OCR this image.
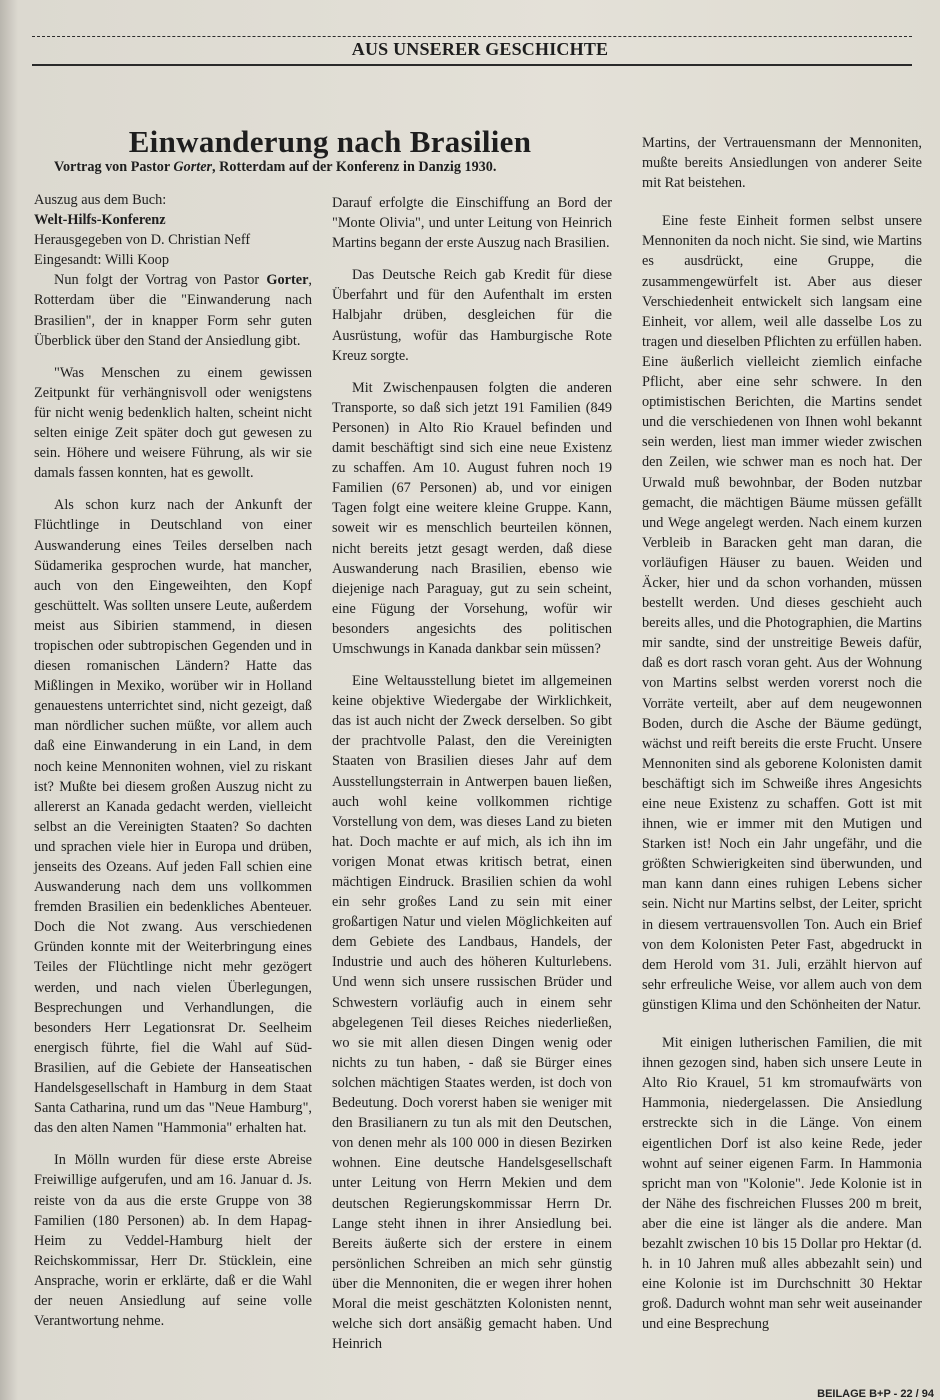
AUS UNSERER GESCHICHTE
Einwanderung nach Brasilien
Vortrag von Pastor Gorter, Rotterdam auf der Konferenz in Danzig 1930.

Auszug aus dem Buch:

Welt-Hilfs-Konferenz

Herausgegeben von D. Christian Neff

Eingesandt: Willi Koop

Nun folgt der Vortrag von Pastor Gorter, Rotterdam über die "Einwanderung nach Brasilien", der in knapper Form sehr guten Überblick über den Stand der Ansiedlung gibt.

"Was Menschen zu einem gewissen Zeitpunkt für verhängnisvoll oder wenigstens für nicht wenig bedenklich halten, scheint nicht selten einige Zeit später doch gut gewesen zu sein. Höhere und weisere Führung, als wir sie damals fassen konnten, hat es gewollt.

Als schon kurz nach der Ankunft der Flüchtlinge in Deutschland von einer Auswanderung eines Teiles derselben nach Südamerika gesprochen wurde, hat mancher, auch von den Eingeweihten, den Kopf geschüttelt. Was sollten unsere Leute, außerdem meist aus Sibirien stammend, in diesen tropischen oder subtropischen Gegenden und in diesen romanischen Ländern? Hatte das Mißlingen in Mexiko, worüber wir in Holland genauestens unterrichtet sind, nicht gezeigt, daß man nördlicher suchen müßte, vor allem auch daß eine Einwanderung in ein Land, in dem noch keine Mennoniten wohnen, viel zu riskant ist? Mußte bei diesem großen Auszug nicht zu allererst an Kanada gedacht werden, vielleicht selbst an die Vereinigten Staaten? So dachten und sprachen viele hier in Europa und drüben, jenseits des Ozeans. Auf jeden Fall schien eine Auswanderung nach dem uns vollkommen fremden Brasilien ein bedenkliches Abenteuer. Doch die Not zwang. Aus verschiedenen Gründen konnte mit der Weiterbringung eines Teiles der Flüchtlinge nicht mehr gezögert werden, und nach vielen Überlegungen, Besprechungen und Verhandlungen, die besonders Herr Legationsrat Dr. Seelheim energisch führte, fiel die Wahl auf Süd-Brasilien, auf die Gebiete der Hanseatischen Handelsgesellschaft in Hamburg in dem Staat Santa Catharina, rund um das "Neue Hamburg", das den alten Namen "Hammonia" erhalten hat.

In Mölln wurden für diese erste Abreise Freiwillige aufgerufen, und am 16. Januar d. Js. reiste von da aus die erste Gruppe von 38 Familien (180 Personen) ab. In dem Hapag-Heim zu Veddel-Hamburg hielt der Reichskommissar, Herr Dr. Stücklein, eine Ansprache, worin er erklärte, daß er die Wahl der neuen Ansiedlung auf seine volle Verantwortung nehme.

Darauf erfolgte die Einschiffung an Bord der "Monte Olivia", und unter Leitung von Heinrich Martins begann der erste Auszug nach Brasilien.

Das Deutsche Reich gab Kredit für diese Überfahrt und für den Aufenthalt im ersten Halbjahr drüben, desgleichen für die Ausrüstung, wofür das Hamburgische Rote Kreuz sorgte.

Mit Zwischenpausen folgten die anderen Transporte, so daß sich jetzt 191 Familien (849 Personen) in Alto Rio Krauel befinden und damit beschäftigt sind sich eine neue Existenz zu schaffen. Am 10. August fuhren noch 19 Familien (67 Personen) ab, und vor einigen Tagen folgt eine weitere kleine Gruppe. Kann, soweit wir es menschlich beurteilen können, nicht bereits jetzt gesagt werden, daß diese Auswanderung nach Brasilien, ebenso wie diejenige nach Paraguay, gut zu sein scheint, eine Fügung der Vorsehung, wofür wir besonders angesichts des politischen Umschwungs in Kanada dankbar sein müssen?

Eine Weltausstellung bietet im allgemeinen keine objektive Wiedergabe der Wirklichkeit, das ist auch nicht der Zweck derselben. So gibt der prachtvolle Palast, den die Vereinigten Staaten von Brasilien dieses Jahr auf dem Ausstellungsterrain in Antwerpen bauen ließen, auch wohl keine vollkommen richtige Vorstellung von dem, was dieses Land zu bieten hat. Doch machte er auf mich, als ich ihn im vorigen Monat etwas kritisch betrat, einen mächtigen Eindruck. Brasilien schien da wohl ein sehr großes Land zu sein mit einer großartigen Natur und vielen Möglichkeiten auf dem Gebiete des Landbaus, Handels, der Industrie und auch des höheren Kulturlebens. Und wenn sich unsere russischen Brüder und Schwestern vorläufig auch in einem sehr abgelegenen Teil dieses Reiches niederließen, wo sie mit allen diesen Dingen wenig oder nichts zu tun haben, - daß sie Bürger eines solchen mächtigen Staates werden, ist doch von Bedeutung. Doch vorerst haben sie weniger mit den Brasilianern zu tun als mit den Deutschen, von denen mehr als 100 000 in diesen Bezirken wohnen. Eine deutsche Handelsgesellschaft unter Leitung von Herrn Mekien und dem deutschen Regierungskommissar Herrn Dr. Lange steht ihnen in ihrer Ansiedlung bei. Bereits äußerte sich der erstere in einem persönlichen Schreiben an mich sehr günstig über die Mennoniten, die er wegen ihrer hohen Moral die meist geschätzten Kolonisten nennt, welche sich dort ansäßig gemacht haben. Und Heinrich

Martins, der Vertrauensmann der Mennoniten, mußte bereits Ansiedlungen von anderer Seite mit Rat beistehen.

Eine feste Einheit formen selbst unsere Mennoniten da noch nicht. Sie sind, wie Martins es ausdrückt, eine Gruppe, die zusammengewürfelt ist. Aber aus dieser Verschiedenheit entwickelt sich langsam eine Einheit, vor allem, weil alle dasselbe Los zu tragen und dieselben Pflichten zu erfüllen haben. Eine äußerlich vielleicht ziemlich einfache Pflicht, aber eine sehr schwere. In den optimistischen Berichten, die Martins sendet und die verschiedenen von Ihnen wohl bekannt sein werden, liest man immer wieder zwischen den Zeilen, wie schwer man es noch hat. Der Urwald muß bewohnbar, der Boden nutzbar gemacht, die mächtigen Bäume müssen gefällt und Wege angelegt werden. Nach einem kurzen Verbleib in Baracken geht man daran, die vorläufigen Häuser zu bauen. Weiden und Äcker, hier und da schon vorhanden, müssen bestellt werden. Und dieses geschieht auch bereits alles, und die Photographien, die Martins mir sandte, sind der unstreitige Beweis dafür, daß es dort rasch voran geht. Aus der Wohnung von Martins selbst werden vorerst noch die Vorräte verteilt, aber auf dem neugewonnen Boden, durch die Asche der Bäume gedüngt, wächst und reift bereits die erste Frucht. Unsere Mennoniten sind als geborene Kolonisten damit beschäftigt sich im Schweiße ihres Angesichts eine neue Existenz zu schaffen. Gott ist mit ihnen, wie er immer mit den Mutigen und Starken ist! Noch ein Jahr ungefähr, und die größten Schwierigkeiten sind überwunden, und man kann dann eines ruhigen Lebens sicher sein. Nicht nur Martins selbst, der Leiter, spricht in diesem vertrauensvollen Ton. Auch ein Brief von dem Kolonisten Peter Fast, abgedruckt in dem Herold vom 31. Juli, erzählt hiervon auf sehr erfreuliche Weise, vor allem auch von dem günstigen Klima und den Schönheiten der Natur.

Mit einigen lutherischen Familien, die mit ihnen gezogen sind, haben sich unsere Leute in Alto Rio Krauel, 51 km stromaufwärts von Hammonia, niedergelassen. Die Ansiedlung erstreckte sich in die Länge. Von einem eigentlichen Dorf ist also keine Rede, jeder wohnt auf seiner eigenen Farm. In Hammonia spricht man von "Kolonie". Jede Kolonie ist in der Nähe des fischreichen Flusses 200 m breit, aber die eine ist länger als die andere. Man bezahlt zwischen 10 bis 15 Dollar pro Hektar (d. h. in 10 Jahren muß alles abbezahlt sein) und eine Kolonie ist im Durchschnitt 30 Hektar groß. Dadurch wohnt man sehr weit auseinander und eine Besprechung

BEILAGE B+P - 22 / 94
